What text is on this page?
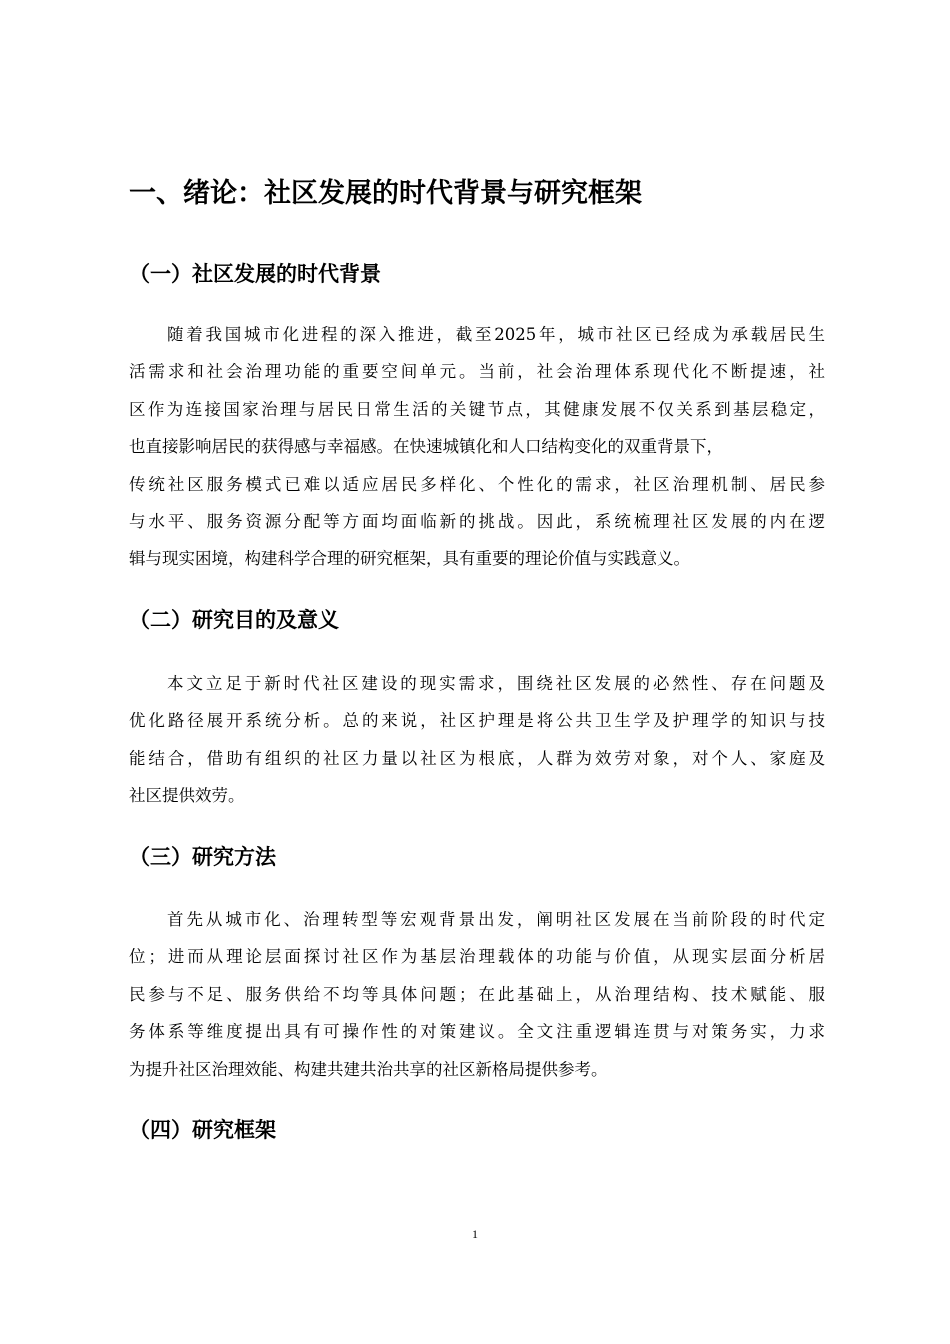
一、绪论：社区发展的时代背景与研究框架
（一）社区发展的时代背景
随着我国城市化进程的深入推进，截至2025年，城市社区已经成为承载居民生
活需求和社会治理功能的重要空间单元。当前，社会治理体系现代化不断提速，社
区作为连接国家治理与居民日常生活的关键节点，其健康发展不仅关系到基层稳定，
也直接影响居民的获得感与幸福感。在快速城镇化和人口结构变化的双重背景下，
传统社区服务模式已难以适应居民多样化、个性化的需求，社区治理机制、居民参
与水平、服务资源分配等方面均面临新的挑战。因此，系统梳理社区发展的内在逻
辑与现实困境，构建科学合理的研究框架，具有重要的理论价值与实践意义。
（二）研究目的及意义
本文立足于新时代社区建设的现实需求，围绕社区发展的必然性、存在问题及
优化路径展开系统分析。总的来说，社区护理是将公共卫生学及护理学的知识与技
能结合，借助有组织的社区力量以社区为根底，人群为效劳对象，对个人、家庭及
社区提供效劳。
（三）研究方法
首先从城市化、治理转型等宏观背景出发，阐明社区发展在当前阶段的时代定
位；进而从理论层面探讨社区作为基层治理载体的功能与价值，从现实层面分析居
民参与不足、服务供给不均等具体问题；在此基础上，从治理结构、技术赋能、服
务体系等维度提出具有可操作性的对策建议。全文注重逻辑连贯与对策务实，力求
为提升社区治理效能、构建共建共治共享的社区新格局提供参考。
（四）研究框架
1
